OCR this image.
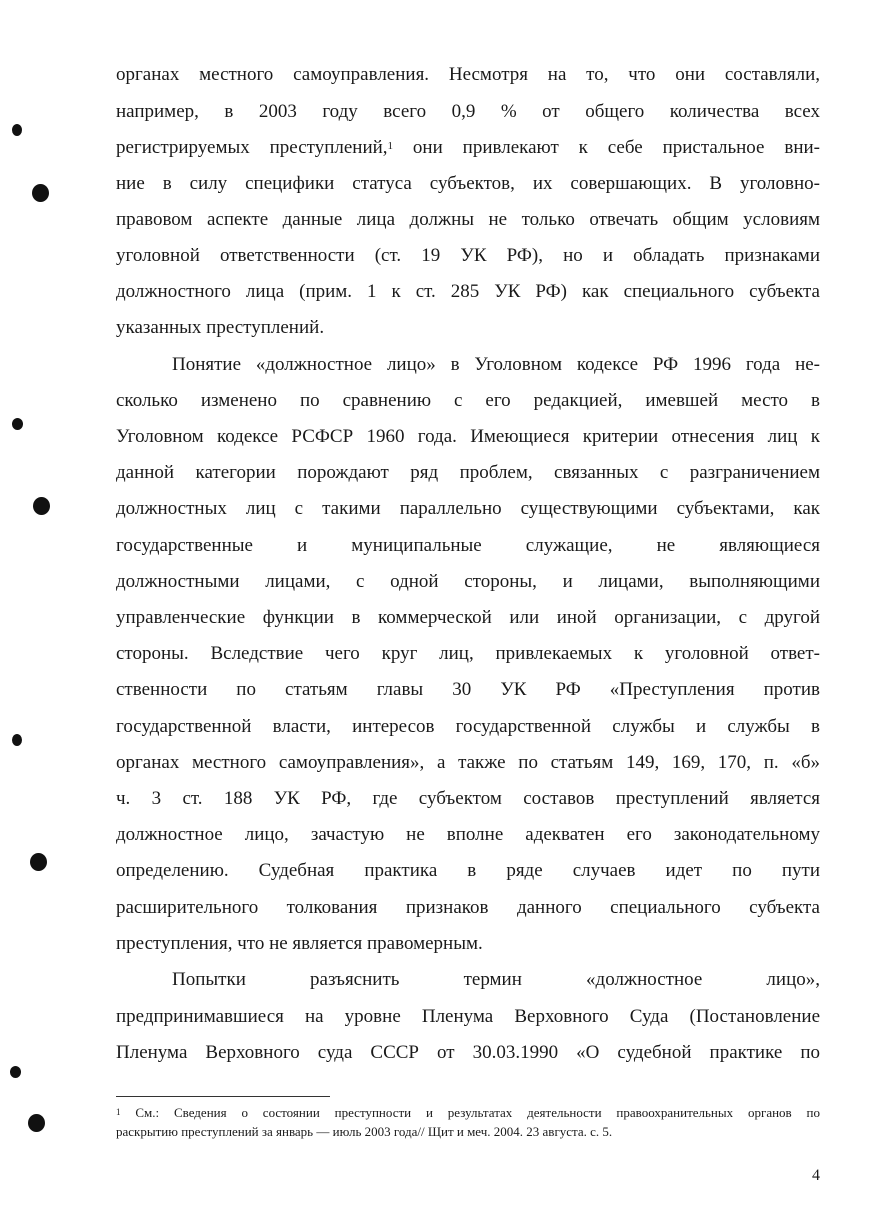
органах местного самоуправления. Несмотря на то, что они составляли,
например, в 2003 году всего 0,9 % от общего количества всех
регистрируемых преступлений,$^1$ они привлекают к себе пристальное вни-
ние в силу специфики статуса субъектов, их совершающих. В уголовно-
правовом аспекте данные лица должны не только отвечать общим условиям
уголовной ответственности (ст. 19 УК РФ), но и обладать признаками
должностного лица (прим. 1 к ст. 285 УК РФ) как специального субъекта
указанных преступлений.
Понятие «должностное лицо» в Уголовном кодексе РФ 1996 года не-
сколько изменено по сравнению с его редакцией, имевшей место в
Уголовном кодексе РСФСР 1960 года. Имеющиеся критерии отнесения лиц к
данной категории порождают ряд проблем, связанных с разграничением
должностных лиц с такими параллельно существующими субъектами, как
государственные и муниципальные служащие, не являющиеся
должностными лицами, с одной стороны, и лицами, выполняющими
управленческие функции в коммерческой или иной организации, с другой
стороны. Вследствие чего круг лиц, привлекаемых к уголовной ответ-
ственности по статьям главы 30 УК РФ «Преступления против
государственной власти, интересов государственной службы и службы в
органах местного самоуправления», а также по статьям 149, 169, 170, п. «б»
ч. 3 ст. 188 УК РФ, где субъектом составов преступлений является
должностное лицо, зачастую не вполне адекватен его законодательному
определению. Судебная практика в ряде случаев идет по пути
расширительного толкования признаков данного специального субъекта
преступления, что не является правомерным.
Попытки разъяснить термин «должностное лицо»,
предпринимавшиеся на уровне Пленума Верховного Суда (Постановление
Пленума Верховного суда СССР от 30.03.1990 «О судебной практике по
$^1$ См.: Сведения о состоянии преступности и результатах деятельности правоохранительных органов по
раскрытию преступлений за январь — июль 2003 года// Щит и меч. 2004. 23 августа. с. 5.
4
